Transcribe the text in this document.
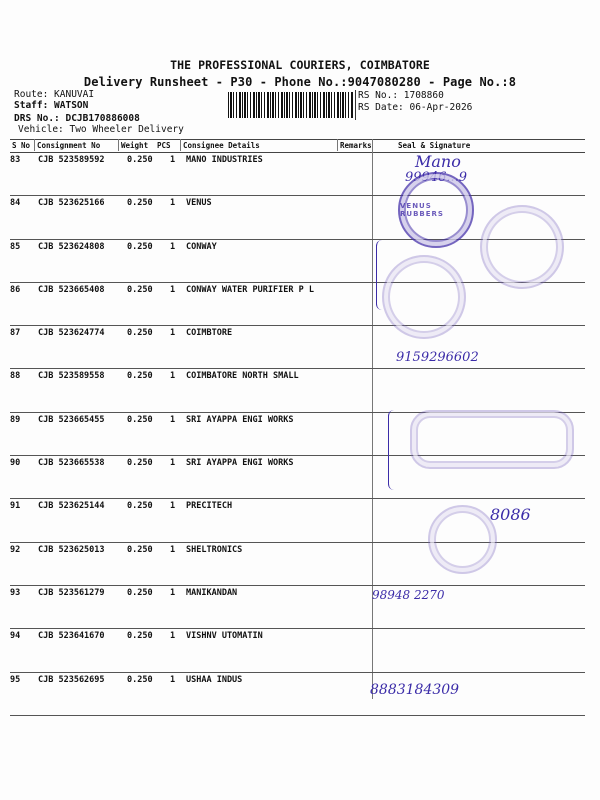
THE PROFESSIONAL COURIERS, COIMBATORE
Delivery Runsheet - P30 - Phone No.:9047080280 - Page No.:8
Route: KANUVAI
Staff: WATSON
DRS No.: DCJB170886008
Vehicle: Two Wheeler Delivery
RS No.: 1708860
RS Date: 06-Apr-2026
S No Consignment No	Weight PCS Consignee Details	Remarks	Seal & Signature
83 CJB 523589592	0.250 1 MANO INDUSTRIES
84 CJB 523625166	0.250 1 VENUS
85 CJB 523624808	0.250 1 CONWAY
86 CJB 523665408	0.250 1 CONWAY WATER PURIFIER P L
87 CJB 523624774	0.250 1 COIMBTORE
88 CJB 523589558	0.250 1 COIMBATORE NORTH SMALL
89 CJB 523665455	0.250 1 SRI AYAPPA ENGI WORKS
90 CJB 523665538	0.250 1 SRI AYAPPA ENGI WORKS
91 CJB 523625144	0.250 1 PRECITECH
92 CJB 523625013	0.250 1 SHELTRONICS
93 CJB 523561279	0.250 1 MANIKANDAN
94 CJB 523641670	0.250 1 VISHNV UTOMATIN
95 CJB 523562695	0.250 1 USHAA INDUS
Mano
99946...9
VENUS RUBBERS
9159296602
8086
98948 2270
8883184309
